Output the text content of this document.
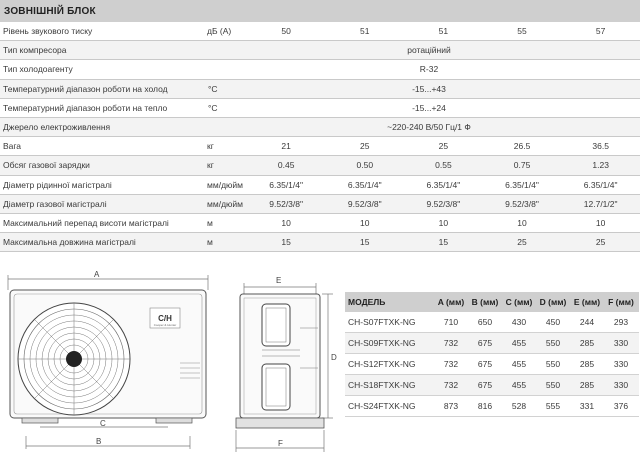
ЗОВНІШНІЙ БЛОК
Рівень звукового тиску	дБ (А)	50	51	51	55	57
Тип компресора	ротаційний
Тип холодоагенту	R-32
Температурний діапазон роботи на холод	°C	-15...+43
Температурний діапазон роботи на тепло	°C	-15...+24
Джерело електроживлення	~220-240 В/50 Гц/1 Ф
Вага	кг	21	25	25	26.5	36.5
Обсяг газової зарядки	кг	0.45	0.50	0.55	0.75	1.23
Діаметр рідинної магістралі	мм/дюйм	6.35/1/4"	6.35/1/4"	6.35/1/4"	6.35/1/4"	6.35/1/4"
Діаметр газової магістралі	мм/дюйм	9.52/3/8"	9.52/3/8"	9.52/3/8"	9.52/3/8"	12.7/1/2"
Максимальний перепад висоти магістралі	м	10	10	10	10	10
Максимальна довжина магістралі	м	15	15	15	25	25
A
C/H
Cooper & Hunter
C
B
E
D
F
МОДЕЛЬ	A (мм) B (мм) C (мм) D (мм) E (мм) F (мм)
CH-S07FTXK-NG	710	650	430	450	244	293
CH-S09FTXK-NG	732	675	455	550	285	330
CH-S12FTXK-NG	732	675	455	550	285	330
CH-S18FTXK-NG	732	675	455	550	285	330
CH-S24FTXK-NG	873	816	528	555	331	376
